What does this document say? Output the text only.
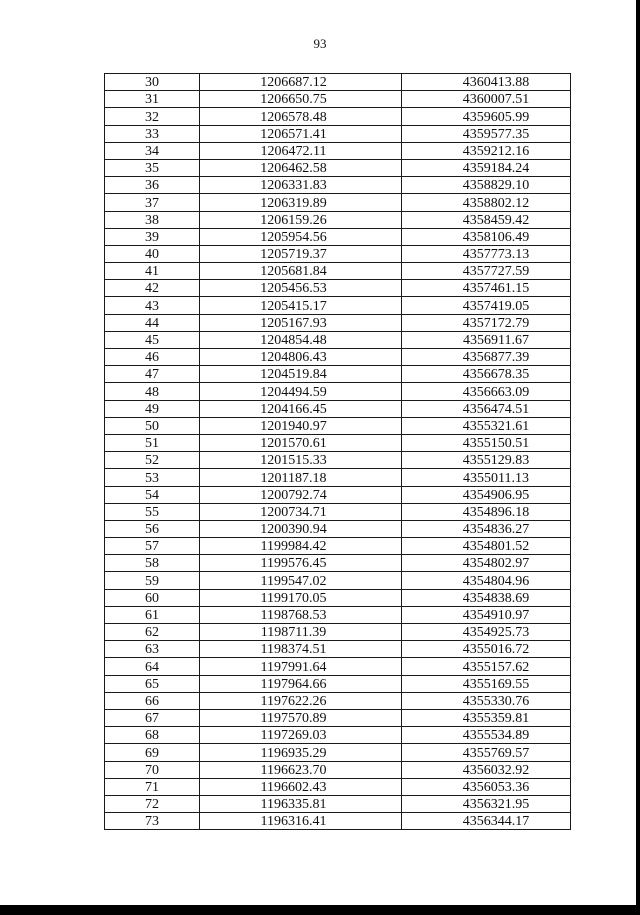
93
30	1206687.12	4360413.88
31	1206650.75	4360007.51
32	1206578.48	4359605.99
33	1206571.41	4359577.35
34	1206472.11	4359212.16
35	1206462.58	4359184.24
36	1206331.83	4358829.10
37	1206319.89	4358802.12
38	1206159.26	4358459.42
39	1205954.56	4358106.49
40	1205719.37	4357773.13
41	1205681.84	4357727.59
42	1205456.53	4357461.15
43	1205415.17	4357419.05
44	1205167.93	4357172.79
45	1204854.48	4356911.67
46	1204806.43	4356877.39
47	1204519.84	4356678.35
48	1204494.59	4356663.09
49	1204166.45	4356474.51
50	1201940.97	4355321.61
51	1201570.61	4355150.51
52	1201515.33	4355129.83
53	1201187.18	4355011.13
54	1200792.74	4354906.95
55	1200734.71	4354896.18
56	1200390.94	4354836.27
57	1199984.42	4354801.52
58	1199576.45	4354802.97
59	1199547.02	4354804.96
60	1199170.05	4354838.69
61	1198768.53	4354910.97
62	1198711.39	4354925.73
63	1198374.51	4355016.72
64	1197991.64	4355157.62
65	1197964.66	4355169.55
66	1197622.26	4355330.76
67	1197570.89	4355359.81
68	1197269.03	4355534.89
69	1196935.29	4355769.57
70	1196623.70	4356032.92
71	1196602.43	4356053.36
72	1196335.81	4356321.95
73	1196316.41	4356344.17
